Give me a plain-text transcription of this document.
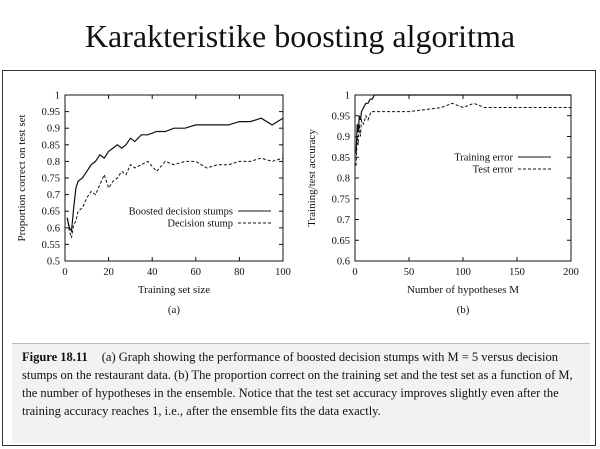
Karakteristike boosting algoritma
0.5
0.55
0.6
0.65
0.7
0.75
0.8
0.85
0.9
0.95
1
0	20	40	60	80	100
Training set size
Proportion correct on test set
(a)
Boosted decision stumps
Decision stump
0.6
0.65
0.7
0.75
0.8
0.85
0.9
0.95
1
0	50	100	150	200
Number of hypotheses M
Training/test accuracy
(b)
Training error
Test error
Figure 18.11 (a) Graph showing the performance of boosted decision stumps with M = 5 versus decision stumps on the restaurant data. (b) The proportion correct on the training set and the test set as a function of M, the number of hypotheses in the ensemble. Notice that the test set accuracy improves slightly even after the training accuracy reaches 1, i.e., after the ensemble fits the data exactly.
